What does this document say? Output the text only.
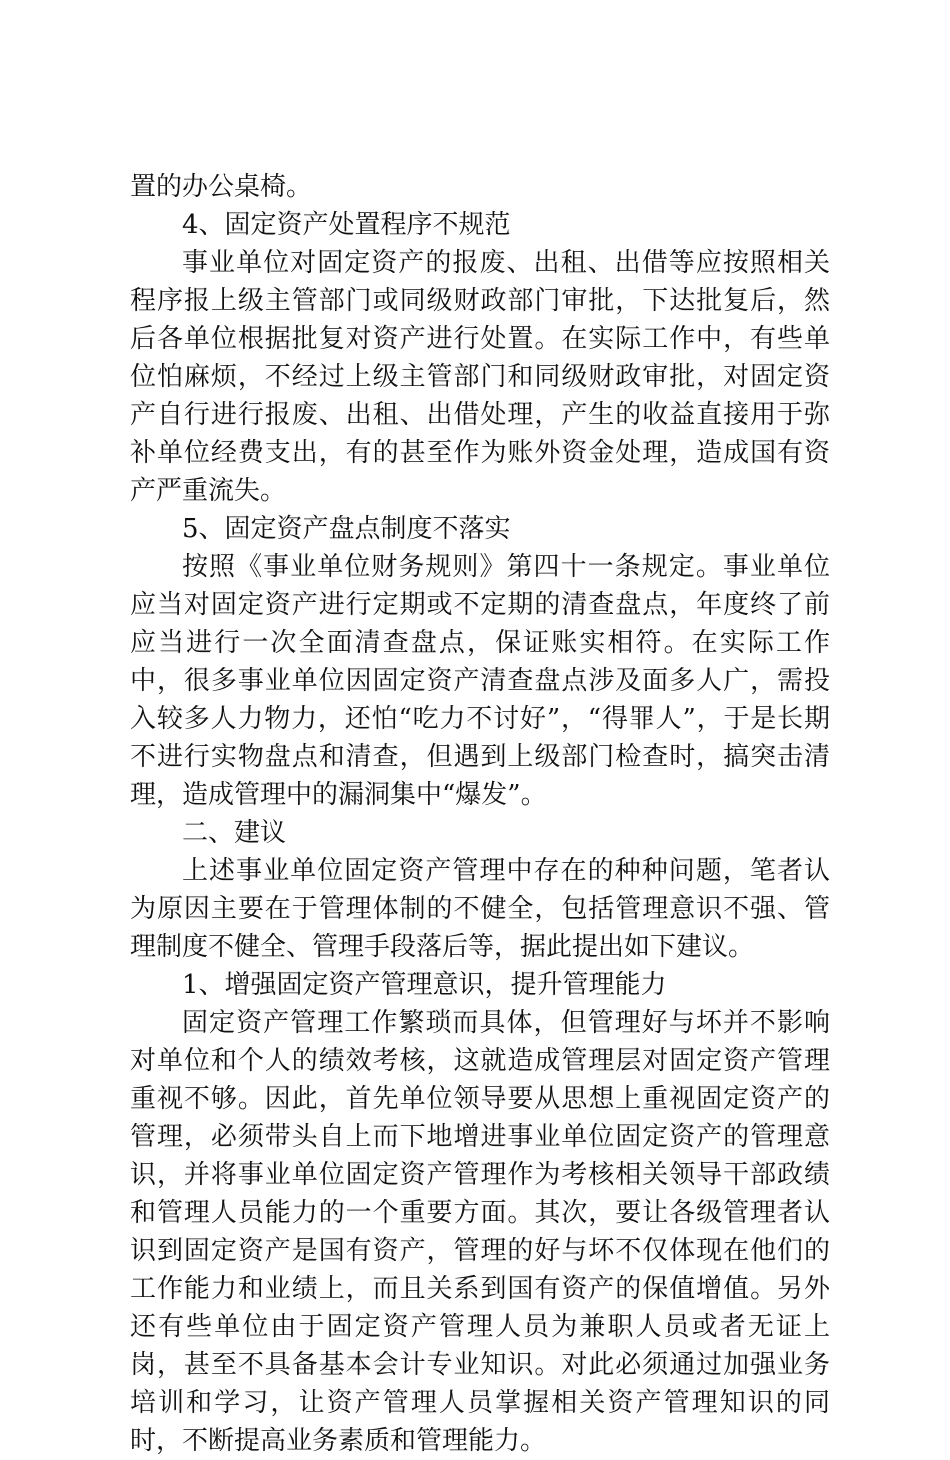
置的办公桌椅。

4、固定资产处置程序不规范

事业单位对固定资产的报废、出租、出借等应按照相关程序报上级主管部门或同级财政部门审批，下达批复后，然后各单位根据批复对资产进行处置。在实际工作中，有些单位怕麻烦，不经过上级主管部门和同级财政审批，对固定资产自行进行报废、出租、出借处理，产生的收益直接用于弥补单位经费支出，有的甚至作为账外资金处理，造成国有资产严重流失。

5、固定资产盘点制度不落实

按照《事业单位财务规则》第四十一条规定。事业单位应当对固定资产进行定期或不定期的清查盘点，年度终了前应当进行一次全面清查盘点，保证账实相符。在实际工作中，很多事业单位因固定资产清查盘点涉及面多人广，需投入较多人力物力，还怕“吃力不讨好”，“得罪人”，于是长期不进行实物盘点和清查，但遇到上级部门检查时，搞突击清理，造成管理中的漏洞集中“爆发”。

二、建议

上述事业单位固定资产管理中存在的种种问题，笔者认为原因主要在于管理体制的不健全，包括管理意识不强、管理制度不健全、管理手段落后等，据此提出如下建议。

1、增强固定资产管理意识，提升管理能力

固定资产管理工作繁琐而具体，但管理好与坏并不影响对单位和个人的绩效考核，这就造成管理层对固定资产管理重视不够。因此，首先单位领导要从思想上重视固定资产的管理，必须带头自上而下地增进事业单位固定资产的管理意识，并将事业单位固定资产管理作为考核相关领导干部政绩和管理人员能力的一个重要方面。其次，要让各级管理者认识到固定资产是国有资产，管理的好与坏不仅体现在他们的工作能力和业绩上，而且关系到国有资产的保值增值。另外还有些单位由于固定资产管理人员为兼职人员或者无证上岗，甚至不具备基本会计专业知识。对此必须通过加强业务培训和学习，让资产管理人员掌握相关资产管理知识的同时，不断提高业务素质和管理能力。
